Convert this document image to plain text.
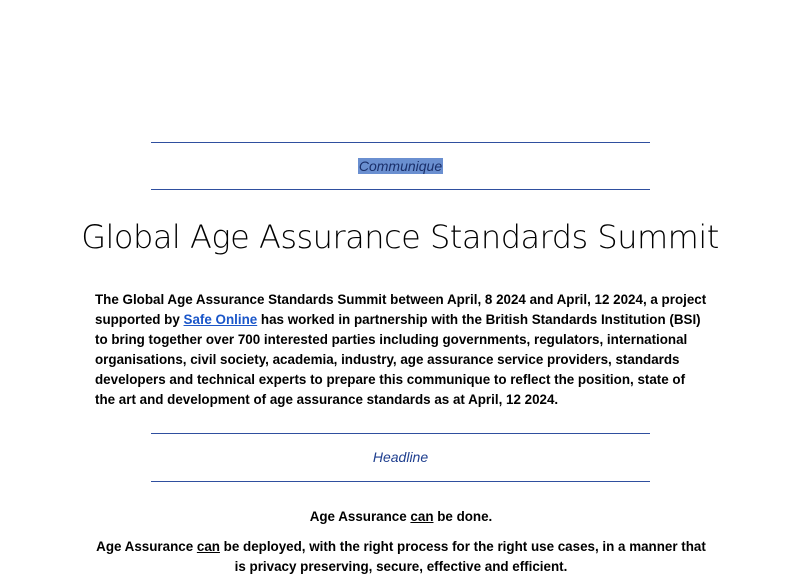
Communique
Global Age Assurance Standards Summit

The Global Age Assurance Standards Summit between April, 8 2024 and April, 12 2024, a project supported by Safe Online has worked in partnership with the British Standards Institution (BSI) to bring together over 700 interested parties including governments, regulators, international organisations, civil society, academia, industry, age assurance service providers, standards developers and technical experts to prepare this communique to reflect the position, state of the art and development of age assurance standards as at April, 12 2024.

Headline

Age Assurance can be done.

Age Assurance can be deployed, with the right process for the right use cases, in a manner that is privacy preserving, secure, effective and efficient.
